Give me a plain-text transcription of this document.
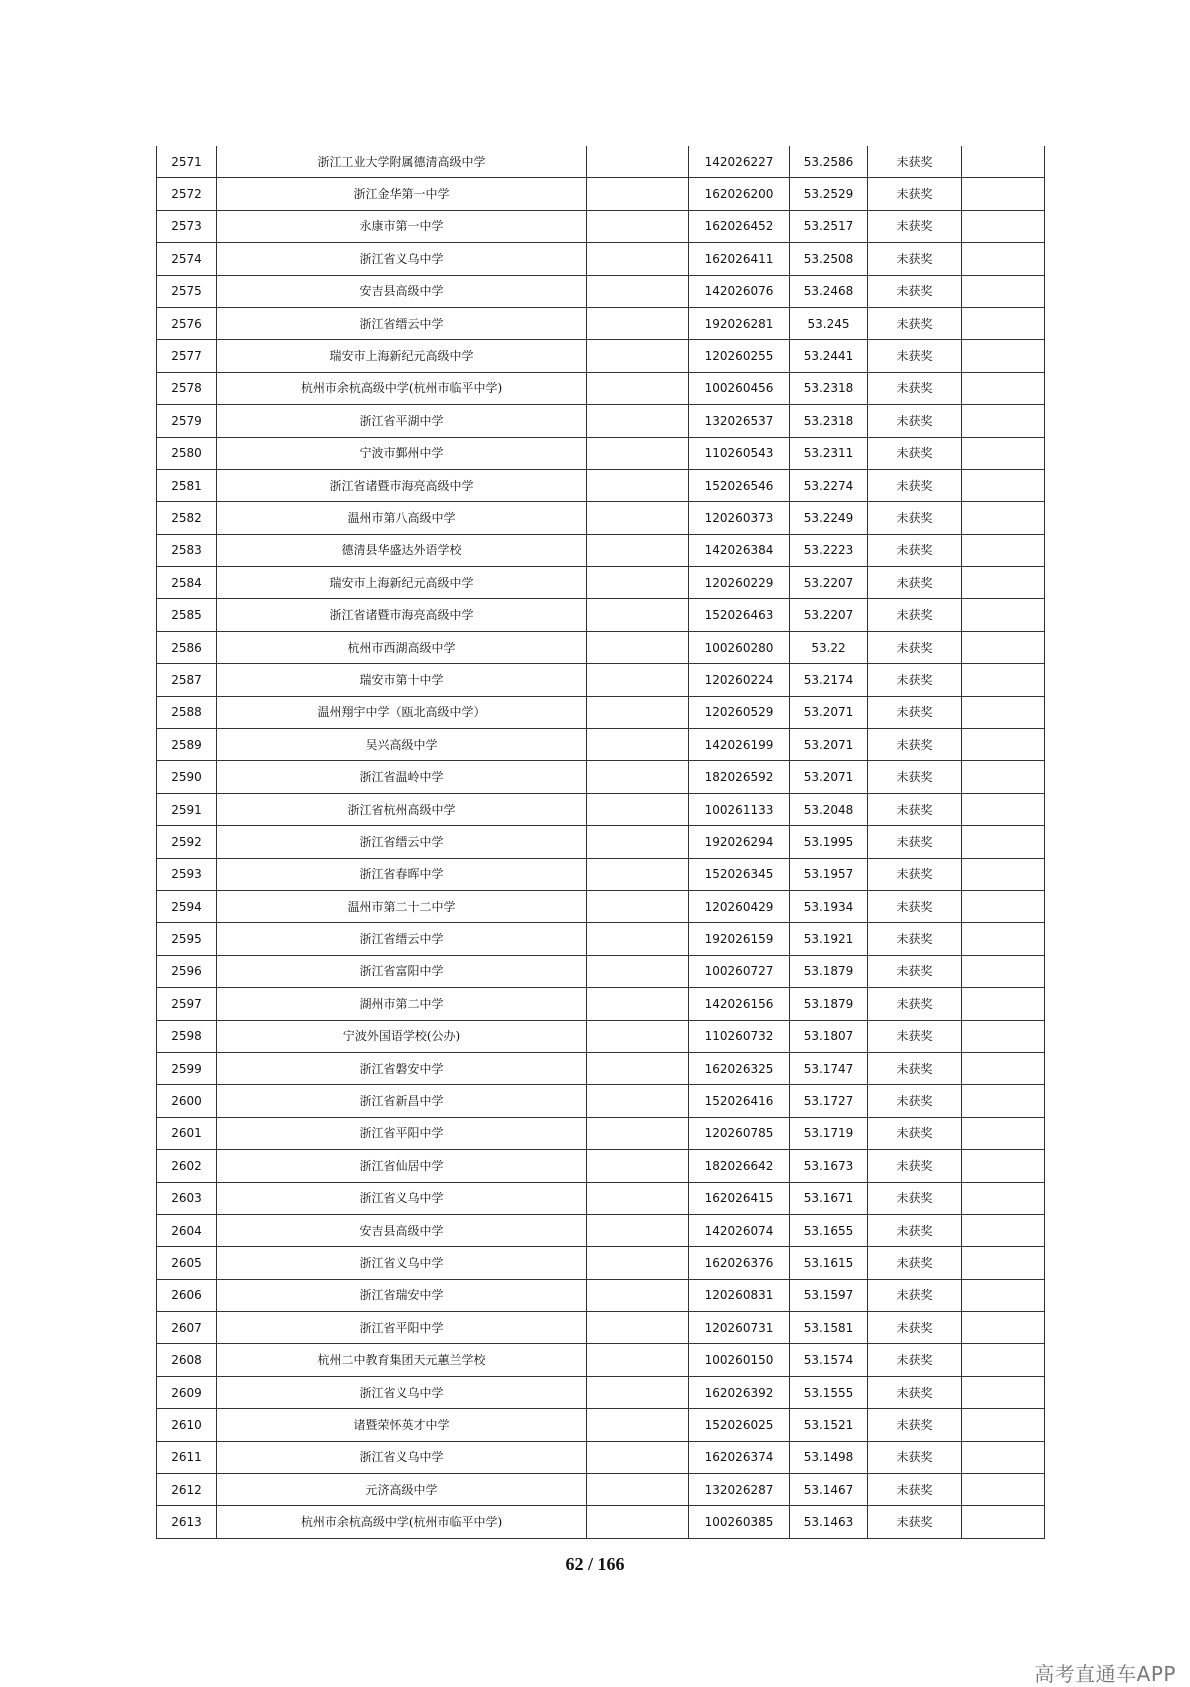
2571	浙江工业大学附属德清高级中学		142026227	53.2586	未获奖	
2572	浙江金华第一中学		162026200	53.2529	未获奖	
2573	永康市第一中学		162026452	53.2517	未获奖	
2574	浙江省义乌中学		162026411	53.2508	未获奖	
2575	安吉县高级中学		142026076	53.2468	未获奖	
2576	浙江省缙云中学		192026281	53.245	未获奖	
2577	瑞安市上海新纪元高级中学		120260255	53.2441	未获奖	
2578	杭州市余杭高级中学(杭州市临平中学)		100260456	53.2318	未获奖	
2579	浙江省平湖中学		132026537	53.2318	未获奖	
2580	宁波市鄞州中学		110260543	53.2311	未获奖	
2581	浙江省诸暨市海亮高级中学		152026546	53.2274	未获奖	
2582	温州市第八高级中学		120260373	53.2249	未获奖	
2583	德清县华盛达外语学校		142026384	53.2223	未获奖	
2584	瑞安市上海新纪元高级中学		120260229	53.2207	未获奖	
2585	浙江省诸暨市海亮高级中学		152026463	53.2207	未获奖	
2586	杭州市西湖高级中学		100260280	53.22	未获奖	
2587	瑞安市第十中学		120260224	53.2174	未获奖	
2588	温州翔宇中学（瓯北高级中学）		120260529	53.2071	未获奖	
2589	吴兴高级中学		142026199	53.2071	未获奖	
2590	浙江省温岭中学		182026592	53.2071	未获奖	
2591	浙江省杭州高级中学		100261133	53.2048	未获奖	
2592	浙江省缙云中学		192026294	53.1995	未获奖	
2593	浙江省春晖中学		152026345	53.1957	未获奖	
2594	温州市第二十二中学		120260429	53.1934	未获奖	
2595	浙江省缙云中学		192026159	53.1921	未获奖	
2596	浙江省富阳中学		100260727	53.1879	未获奖	
2597	湖州市第二中学		142026156	53.1879	未获奖	
2598	宁波外国语学校(公办)		110260732	53.1807	未获奖	
2599	浙江省磐安中学		162026325	53.1747	未获奖	
2600	浙江省新昌中学		152026416	53.1727	未获奖	
2601	浙江省平阳中学		120260785	53.1719	未获奖	
2602	浙江省仙居中学		182026642	53.1673	未获奖	
2603	浙江省义乌中学		162026415	53.1671	未获奖	
2604	安吉县高级中学		142026074	53.1655	未获奖	
2605	浙江省义乌中学		162026376	53.1615	未获奖	
2606	浙江省瑞安中学		120260831	53.1597	未获奖	
2607	浙江省平阳中学		120260731	53.1581	未获奖	
2608	杭州二中教育集团天元蕙兰学校		100260150	53.1574	未获奖	
2609	浙江省义乌中学		162026392	53.1555	未获奖	
2610	诸暨荣怀英才中学		152026025	53.1521	未获奖	
2611	浙江省义乌中学		162026374	53.1498	未获奖	
2612	元济高级中学		132026287	53.1467	未获奖	
2613	杭州市余杭高级中学(杭州市临平中学)		100260385	53.1463	未获奖	
62 / 166
高考直通车APP
